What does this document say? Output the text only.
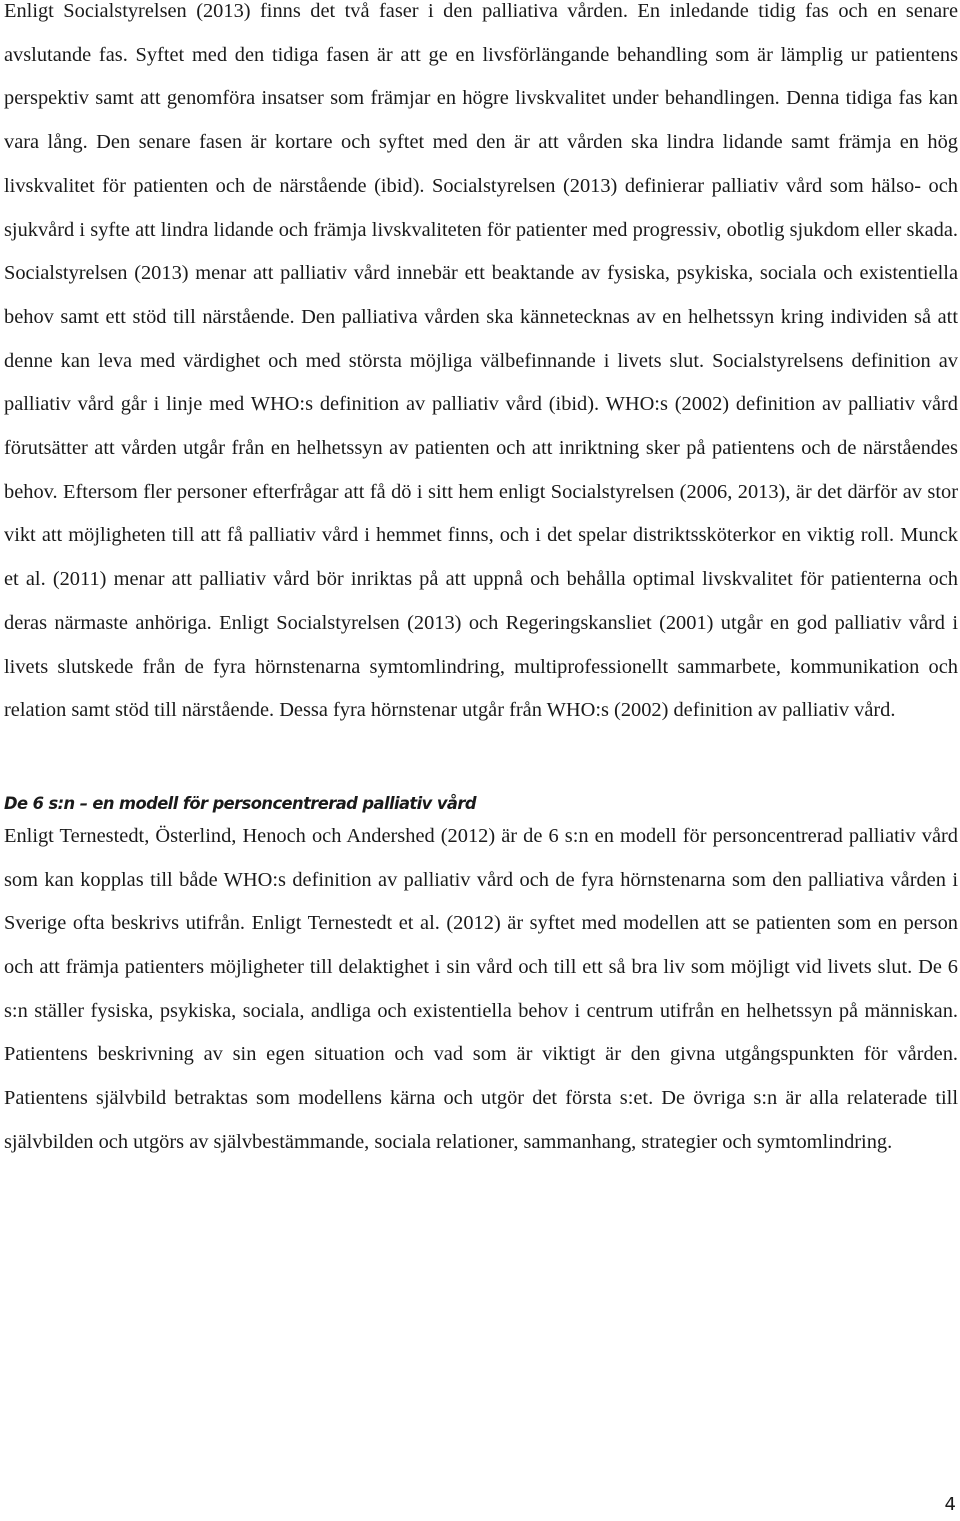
Enligt Socialstyrelsen (2013) finns det två faser i den palliativa vården. En inledande tidig fas och en senare avslutande fas. Syftet med den tidiga fasen är att ge en livsförlängande behandling som är lämplig ur patientens perspektiv samt att genomföra insatser som främjar en högre livskvalitet under behandlingen. Denna tidiga fas kan vara lång. Den senare fasen är kortare och syftet med den är att vården ska lindra lidande samt främja en hög livskvalitet för patienten och de närstående (ibid). Socialstyrelsen (2013) definierar palliativ vård som hälso- och sjukvård i syfte att lindra lidande och främja livskvaliteten för patienter med progressiv, obotlig sjukdom eller skada. Socialstyrelsen (2013) menar att palliativ vård innebär ett beaktande av fysiska, psykiska, sociala och existentiella behov samt ett stöd till närstående. Den palliativa vården ska kännetecknas av en helhetssyn kring individen så att denne kan leva med värdighet och med största möjliga välbefinnande i livets slut. Socialstyrelsens definition av palliativ vård går i linje med WHO:s definition av palliativ vård (ibid). WHO:s (2002) definition av palliativ vård förutsätter att vården utgår från en helhetssyn av patienten och att inriktning sker på patientens och de närståendes behov. Eftersom fler personer efterfrågar att få dö i sitt hem enligt Socialstyrelsen (2006, 2013), är det därför av stor vikt att möjligheten till att få palliativ vård i hemmet finns, och i det spelar distriktssköterkor en viktig roll. Munck et al. (2011) menar att palliativ vård bör inriktas på att uppnå och behålla optimal livskvalitet för patienterna och deras närmaste anhöriga. Enligt Socialstyrelsen (2013) och Regeringskansliet (2001) utgår en god palliativ vård i livets slutskede från de fyra hörnstenarna symtomlindring, multiprofessionellt sammarbete, kommunikation och relation samt stöd till närstående. Dessa fyra hörnstenar utgår från WHO:s (2002) definition av palliativ vård.

De 6 s:n – en modell för personcentrerad palliativ vård

Enligt Ternestedt, Österlind, Henoch och Andershed (2012) är de 6 s:n en modell för personcentrerad palliativ vård som kan kopplas till både WHO:s definition av palliativ vård och de fyra hörnstenarna som den palliativa vården i Sverige ofta beskrivs utifrån. Enligt Ternestedt et al. (2012) är syftet med modellen att se patienten som en person och att främja patienters möjligheter till delaktighet i sin vård och till ett så bra liv som möjligt vid livets slut. De 6 s:n ställer fysiska, psykiska, sociala, andliga och existentiella behov i centrum utifrån en helhetssyn på människan. Patientens beskrivning av sin egen situation och vad som är viktigt är den givna utgångspunkten för vården. Patientens självbild betraktas som modellens kärna och utgör det första s:et. De övriga s:n är alla relaterade till självbilden och utgörs av självbestämmande, sociala relationer, sammanhang, strategier och symtomlindring.

4
